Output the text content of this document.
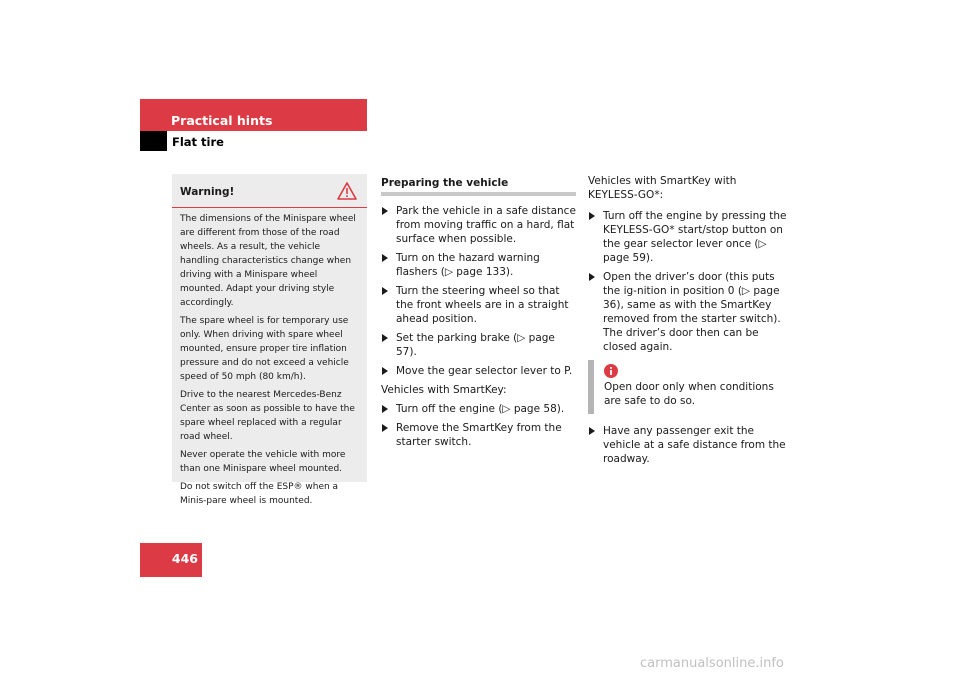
Practical hints
Flat tire
Warning!

The dimensions of the Minispare wheel are different from those of the road wheels. As a result, the vehicle handling characteristics change when driving with a Minispare wheel mounted. Adapt your driving style accordingly.

The spare wheel is for temporary use only. When driving with spare wheel mounted, ensure proper tire inflation pressure and do not exceed a vehicle speed of 50 mph (80 km/h).

Drive to the nearest Mercedes-Benz Center as soon as possible to have the spare wheel replaced with a regular road wheel.

Never operate the vehicle with more than one Minispare wheel mounted.

Do not switch off the ESP® when a Minis-pare wheel is mounted.

Preparing the vehicle
Park the vehicle in a safe distance from moving traffic on a hard, flat surface when possible.
Turn on the hazard warning flashers (▷ page 133).
Turn the steering wheel so that the front wheels are in a straight ahead position.
Set the parking brake (▷ page 57).
Move the gear selector lever to P.
Vehicles with SmartKey:
Turn off the engine (▷ page 58).
Remove the SmartKey from the starter switch.
Vehicles with SmartKey with KEYLESS-GO*:
Turn off the engine by pressing the KEYLESS-GO* start/stop button on the gear selector lever once (▷ page 59).
Open the driver’s door (this puts the ig-nition in position 0 (▷ page 36), same as with the SmartKey removed from the starter switch). The driver’s door then can be closed again.
Open door only when conditions are safe to do so.
Have any passenger exit the vehicle at a safe distance from the roadway.
446
carmanualsonline.info
